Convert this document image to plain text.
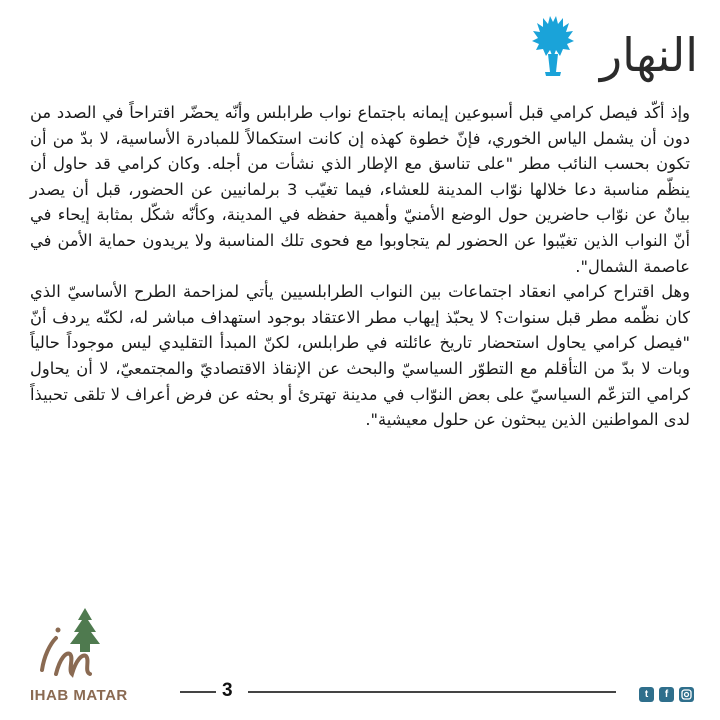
النهار

وإذ أكّد فيصل كرامي قبل أسبوعين إيمانه باجتماع نواب طرابلس وأنّه يحضّر اقتراحاً في الصدد من دون أن يشمل الياس الخوري، فإنّ خطوة كهذه إن كانت استكمالاً للمبادرة الأساسية، لا بدّ من أن تكون بحسب النائب مطر "على تناسق مع الإطار الذي نشأت من أجله. وكان كرامي قد حاول أن ينظّم مناسبة دعا خلالها نوّاب المدينة للعشاء، فيما تغيّب 3 برلمانيين عن الحضور، قبل أن يصدر بيانٌ عن نوّاب حاضرين حول الوضع الأمنيّ وأهمية حفظه في المدينة، وكأنّه شكّل بمثابة إيحاء في أنّ النواب الذين تغيّبوا عن الحضور لم يتجاوبوا مع فحوى تلك المناسبة ولا يريدون حماية الأمن في عاصمة الشمال".

وهل اقتراح كرامي انعقاد اجتماعات بين النواب الطرابلسيين يأتي لمزاحمة الطرح الأساسيّ الذي كان نظّمه مطر قبل سنوات؟ لا يحبّذ إيهاب مطر الاعتقاد بوجود استهداف مباشر له، لكنّه يردف أنّ "فيصل كرامي يحاول استحضار تاريخ عائلته في طرابلس، لكنّ المبدأ التقليدي ليس موجوداً حالياً وبات لا بدّ من التأقلم مع التطوّر السياسيّ والبحث عن الإنقاذ الاقتصاديّ والمجتمعيّ، لا أن يحاول كرامي التزعّم السياسيّ على بعض النوّاب في مدينة تهترئ أو بحثه عن فرض أعراف لا تلقى تحبيذاً لدى المواطنين الذين يبحثون عن حلول معيشية".

IHAB MATAR	3	t	f
